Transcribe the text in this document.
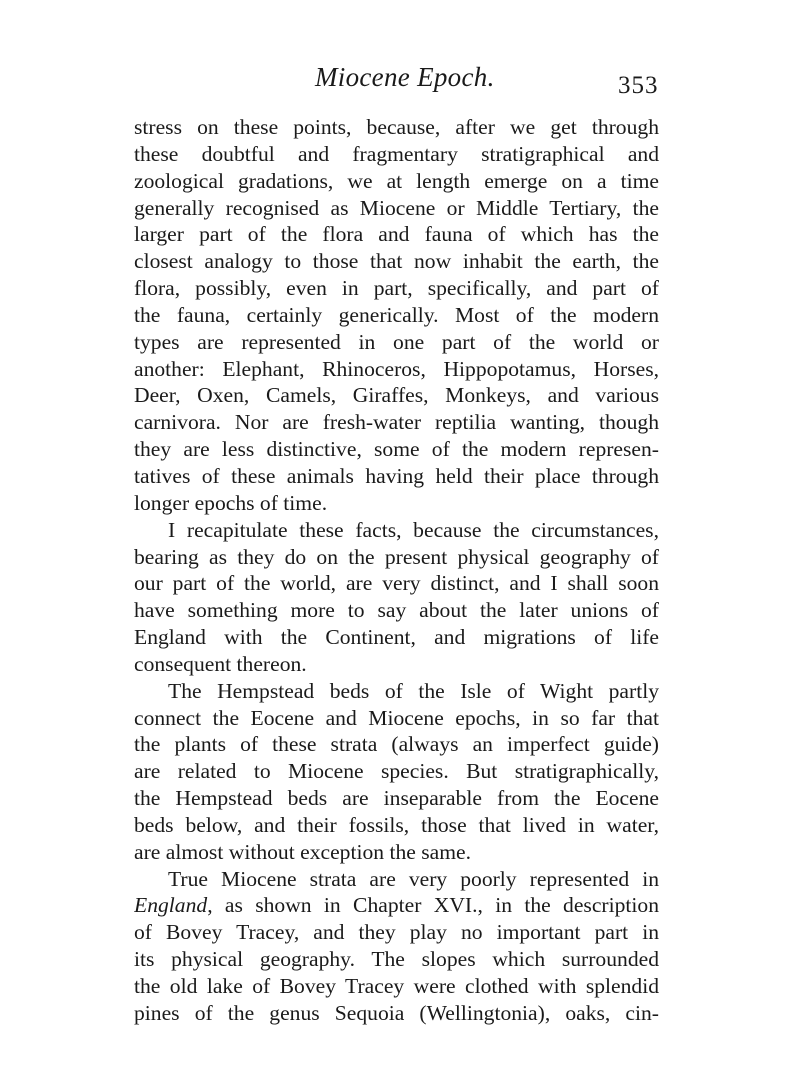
Miocene Epoch.	353
stress on these points, because, after we get through
these doubtful and fragmentary stratigraphical and
zoological gradations, we at length emerge on a time
generally recognised as Miocene or Middle Tertiary, the
larger part of the flora and fauna of which has the
closest analogy to those that now inhabit the earth, the
flora, possibly, even in part, specifically, and part of
the fauna, certainly generically. Most of the modern
types are represented in one part of the world or
another: Elephant, Rhinoceros, Hippopotamus, Horses,
Deer, Oxen, Camels, Giraffes, Monkeys, and various
carnivora. Nor are fresh-water reptilia wanting, though
they are less distinctive, some of the modern represen-
tatives of these animals having held their place through
longer epochs of time.
I recapitulate these facts, because the circumstances,
bearing as they do on the present physical geography of
our part of the world, are very distinct, and I shall soon
have something more to say about the later unions of
England with the Continent, and migrations of life
consequent thereon.
The Hempstead beds of the Isle of Wight partly
connect the Eocene and Miocene epochs, in so far that
the plants of these strata (always an imperfect guide)
are related to Miocene species. But stratigraphically,
the Hempstead beds are inseparable from the Eocene
beds below, and their fossils, those that lived in water,
are almost without exception the same.
True Miocene strata are very poorly represented in
England, as shown in Chapter XVI., in the description
of Bovey Tracey, and they play no important part in
its physical geography. The slopes which surrounded
the old lake of Bovey Tracey were clothed with splendid
pines of the genus Sequoia (Wellingtonia), oaks, cin-
